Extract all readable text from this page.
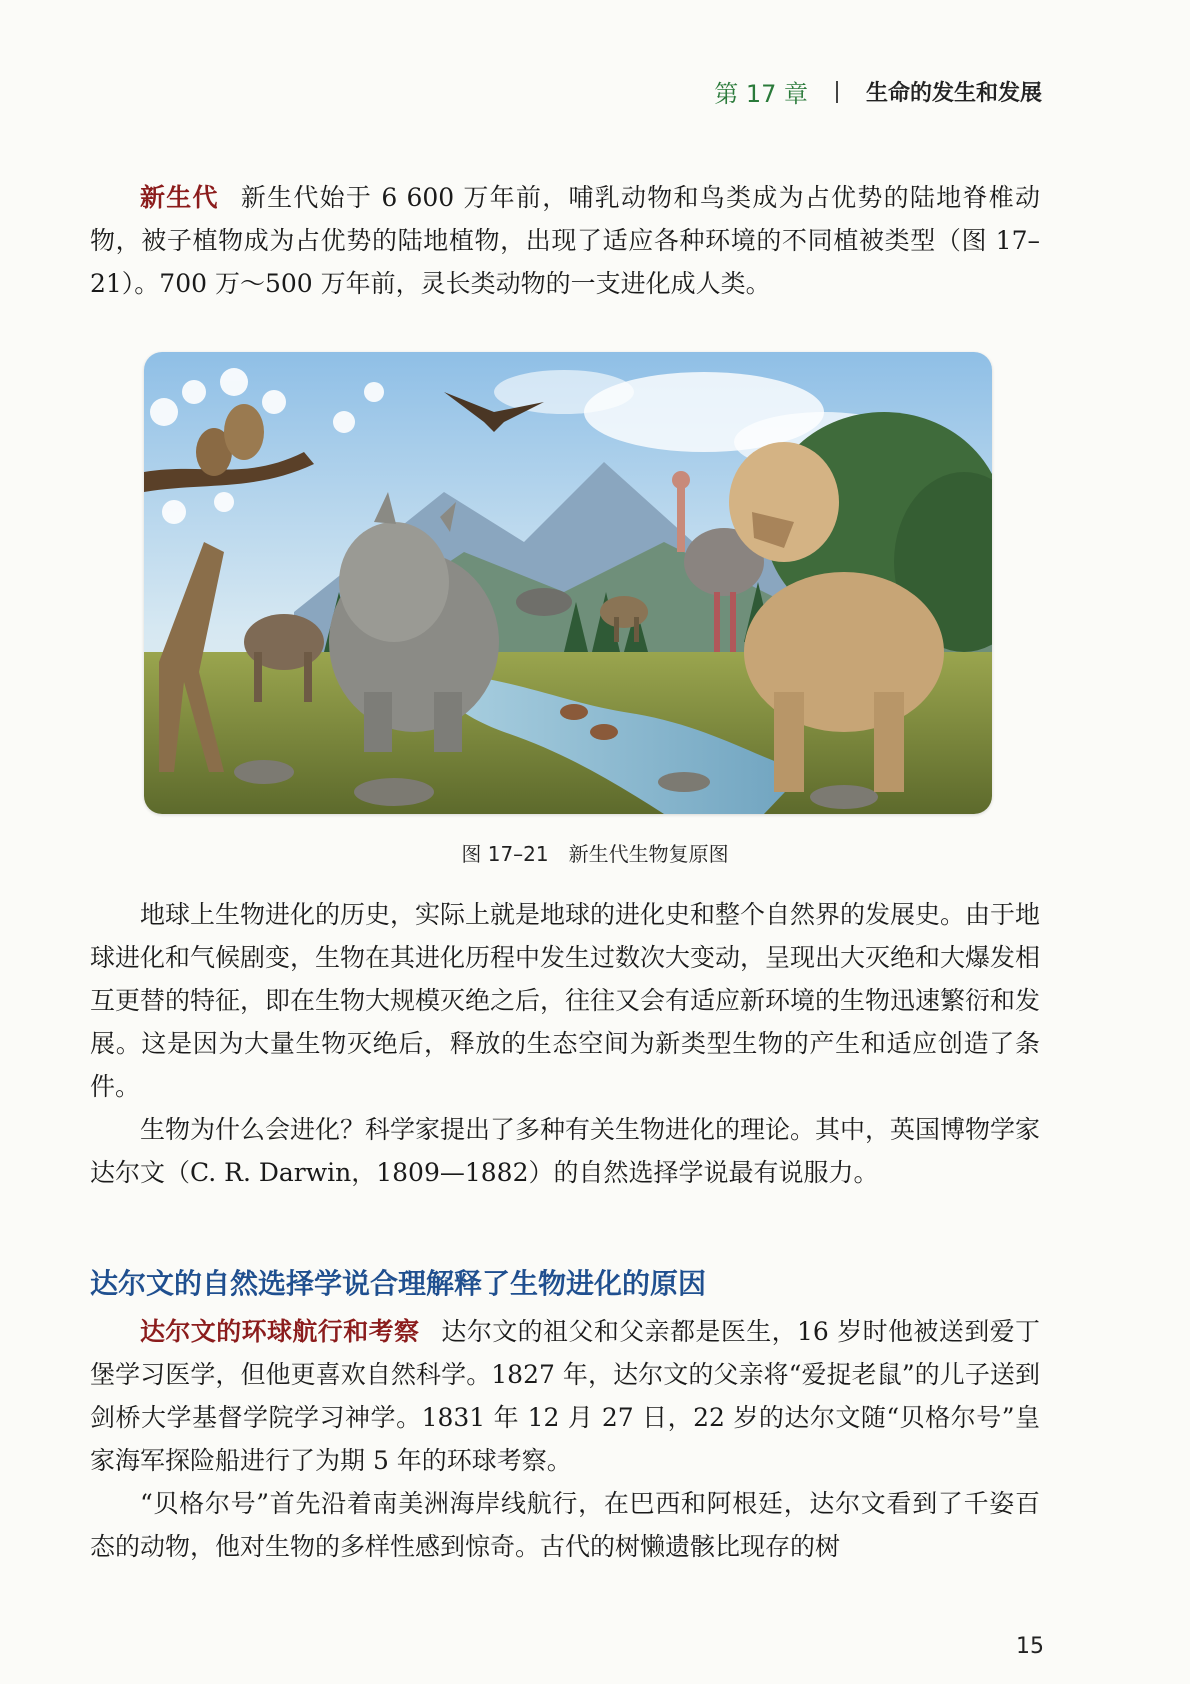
第 17 章	生命的发生和发展

新生代 新生代始于 6 600 万年前，哺乳动物和鸟类成为占优势的陆地脊椎动物，被子植物成为占优势的陆地植物，出现了适应各种环境的不同植被类型（图 17–21）。700 万～500 万年前，灵长类动物的一支进化成人类。

图 17–21 新生代生物复原图

地球上生物进化的历史，实际上就是地球的进化史和整个自然界的发展史。由于地球进化和气候剧变，生物在其进化历程中发生过数次大变动，呈现出大灭绝和大爆发相互更替的特征，即在生物大规模灭绝之后，往往又会有适应新环境的生物迅速繁衍和发展。这是因为大量生物灭绝后，释放的生态空间为新类型生物的产生和适应创造了条件。

生物为什么会进化？科学家提出了多种有关生物进化的理论。其中，英国博物学家达尔文（C. R. Darwin，1809—1882）的自然选择学说最有说服力。

达尔文的自然选择学说合理解释了生物进化的原因

达尔文的环球航行和考察 达尔文的祖父和父亲都是医生，16 岁时他被送到爱丁堡学习医学，但他更喜欢自然科学。1827 年，达尔文的父亲将“爱捉老鼠”的儿子送到剑桥大学基督学院学习神学。1831 年 12 月 27 日，22 岁的达尔文随“贝格尔号”皇家海军探险船进行了为期 5 年的环球考察。

“贝格尔号”首先沿着南美洲海岸线航行，在巴西和阿根廷，达尔文看到了千姿百态的动物，他对生物的多样性感到惊奇。古代的树懒遗骸比现存的树

15
